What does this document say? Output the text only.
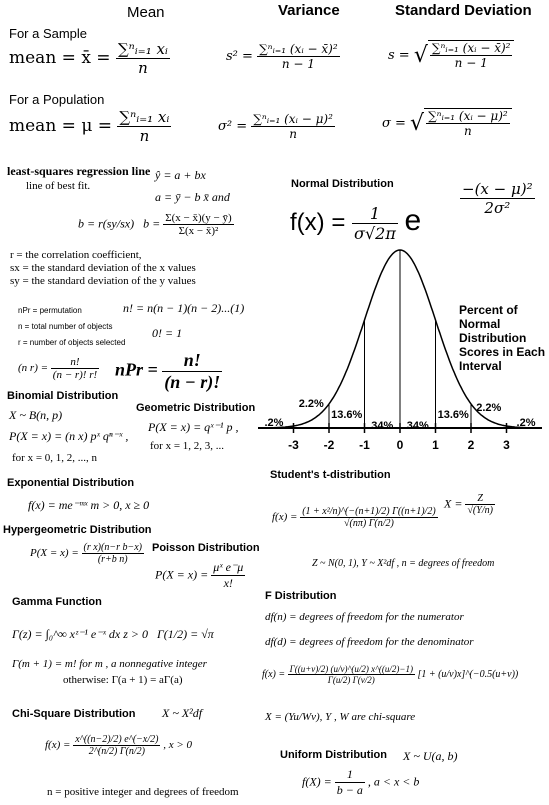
Mean	Variance	Standard Deviation
For a Sample
mean = x̄ = $\frac{\text{∑ⁿᵢ₌₁ xᵢ}}{n}$	$s^2 = \frac{\text{∑ⁿᵢ₌₁ (xᵢ − x̄)²}}{n - 1}$	s = √ $\frac{\text{∑ⁿᵢ₌₁ (xᵢ − x̄)²}}{n - 1}$
For a Population
mean = $\mu = \frac{\text{∑ⁿᵢ₌₁ xᵢ}}{n}$	$\sigma^2 = \frac{\text{∑ⁿᵢ₌₁ (xᵢ − μ)²}}{n}$	σ = √ $\frac{\text{∑ⁿᵢ₌₁ (xᵢ − μ)²}}{n}$
least-squares regression line
line of best fit.
ŷ = a + bx
a = ȳ − b x̄ and
b = r(sy/sx) $b = \frac{\Sigma(x - x̄)(y - ȳ)}{\text{Σ(x − x̄)²}}$
r = the correlation coefficient,
sx = the standard deviation of the x values
sy = the standard deviation of the y values
nPr = permutation
n = total number of objects
r = number of objects selected
n! = n(n − 1)(n − 2)...(1)
0! = 1
(n $r) = \frac{n!}{(n - r)! r!}$ nPr = $\frac{n!}{(n - r)!}$
Normal Distribution
$f(x) = \frac{1}{\sigma√2\pi}$ e
$\frac{\text{−(x − μ)²}}{\text{2σ²}}$
Percent of
Normal
Distribution
Scores in Each
Interval
-3 -2 -1 0 1 2 3
.2%
2.2%
13.6%
34% 34%
13.6%
2.2%
.2%
Binomial Distribution
X ~ B(n, p)
P(X = x) = (n x) pˣ qⁿ⁻ˣ ,
for x = 0, 1, 2, ..., n
Geometric Distribution
P(X = x) = qˣ⁻¹ p ,
for x = 1, 2, 3, ...
Exponential Distribution
f(x) = me⁻ᵐˣ m > 0, x ≥ 0
Hypergeometric Distribution
$P(X = x) = \frac{\text{(r x)(n−r b−x)}}{\text{(r+b n)}}$ Poisson Distribution
$P(X = x) = \frac{\text{μˣ e⁻μ}}{x!}$
Student's t-distribution
$f(x) = \frac{\text{(1 + x²/n)\textasciicircum{}(−(n+1)/2) Γ((n+1)/2)}}{√(n\pi) \Gamma(n/2)}$
$X = \frac{Z}{√(Y/n)}$
Z ~ N(0, 1), Y ~ X²df , n = degrees of freedom
Gamma Function
Γ(z) = ∫₀^∞ xᶻ⁻¹ e⁻ˣ dx z > 0 Γ(1/2) = √π
Γ(m + 1) = m! for m , a nonnegative integer
otherwise: Γ(a + 1) = aΓ(a)
F Distribution
df(n) = degrees of freedom for the numerator
df(d) = degrees of freedom for the denominator
$f(x) = \frac{\Gamma((u+v)/2) (u/v)\^{}(u/2) x\^{}((u/2)-1)}{\Gamma(u/2) \Gamma(v/2)} [1$ + (u/v)x]^(−0.5(u+v))
X = (Yu/Wv), Y , W are chi-square
Chi-Square Distribution X ~ X²df
$f(x) = \frac{x\^{}((n-2)/2) e\^{}(-x/2)}{2\^{}(n/2) \Gamma(n/2)}$ , x > 0
n = positive integer and degrees of freedom
Uniform Distribution X ~ U(a, b)
$f(X) = \frac{1}{b - a}$ , a < x < b
